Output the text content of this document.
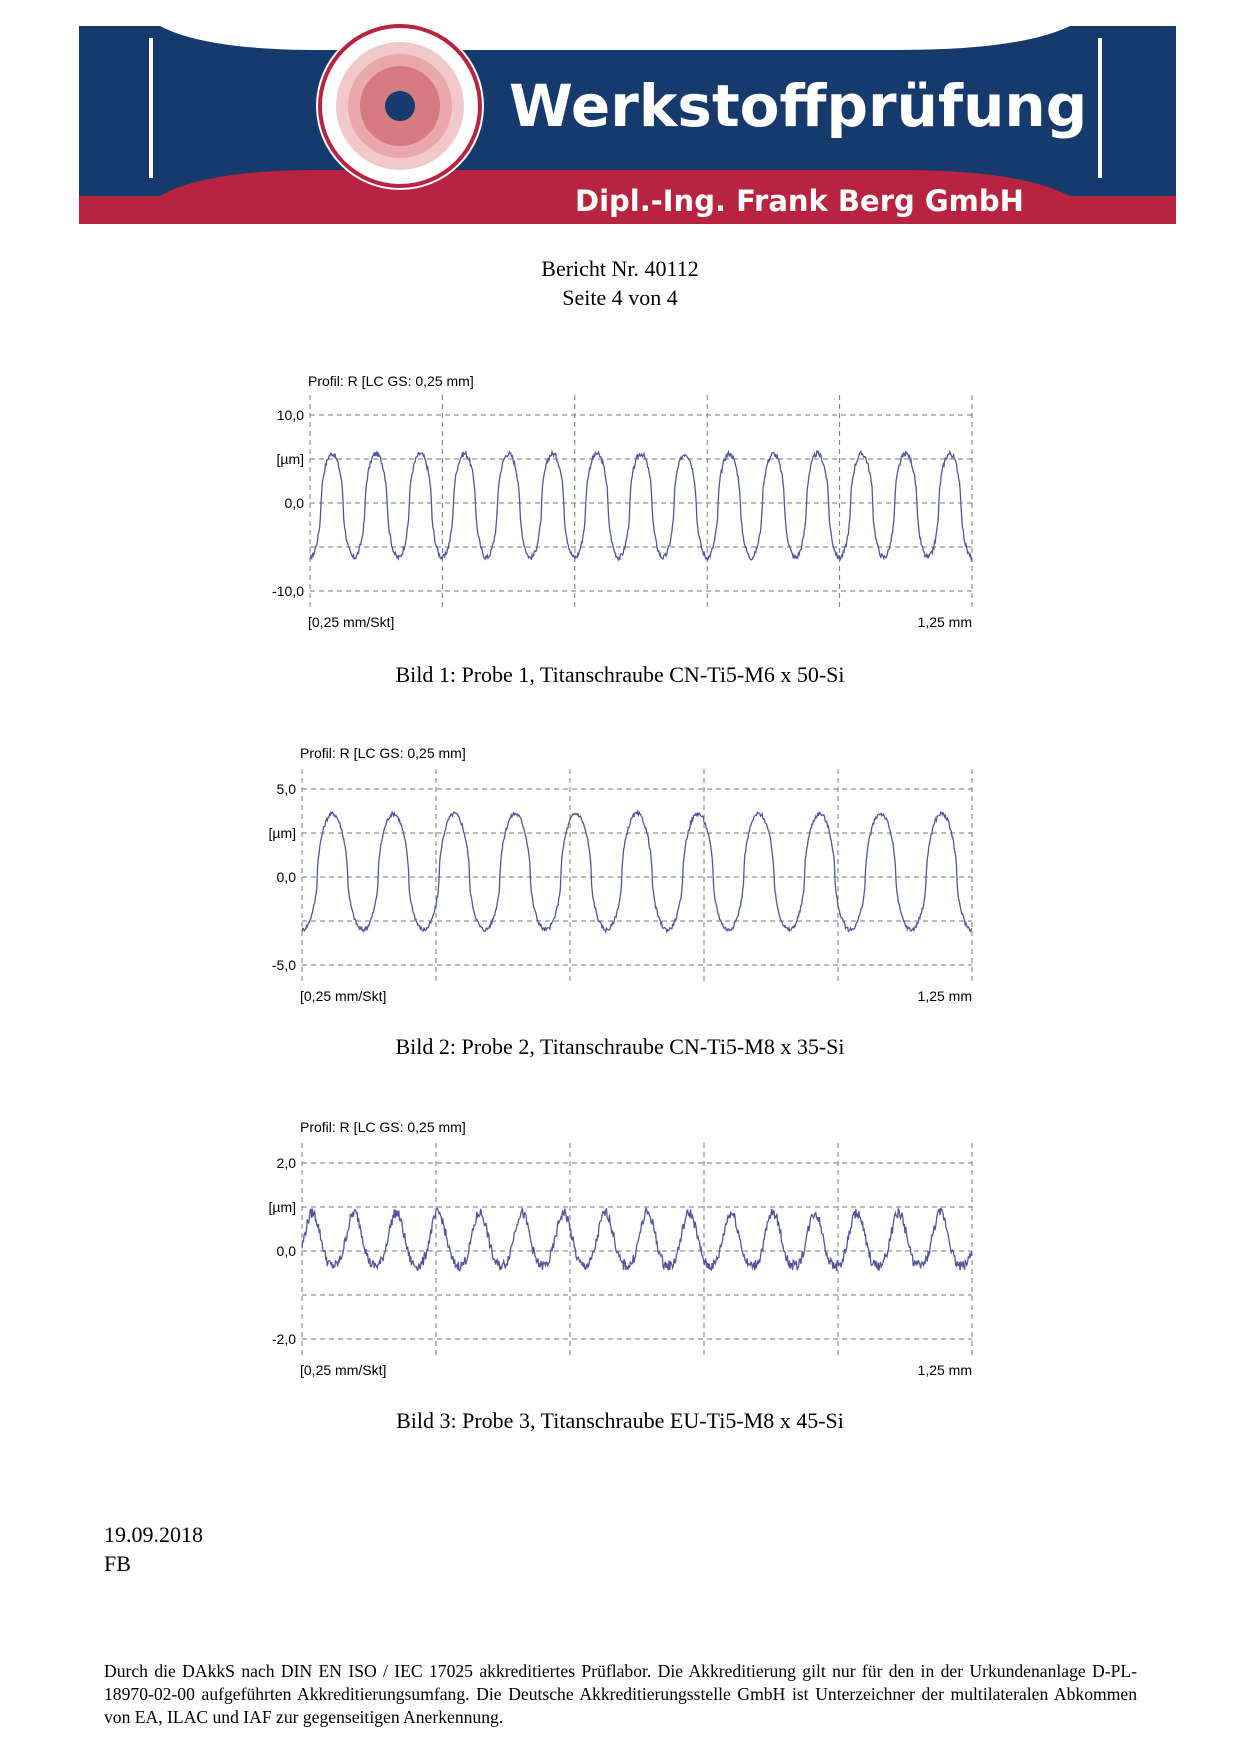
Werkstoffprüfung
Dipl.-Ing. Frank Berg GmbH
Bericht Nr. 40112
Seite 4 von 4
Profil: R [LC GS: 0,25 mm]
10,0
[µm]
0,0
-10,0
[0,25 mm/Skt]	1,25 mm
Bild 1: Probe 1, Titanschraube CN-Ti5-M6 x 50-Si
Profil: R [LC GS: 0,25 mm]
5,0
[µm]
0,0
-5,0
[0,25 mm/Skt]	1,25 mm
Bild 2: Probe 2, Titanschraube CN-Ti5-M8 x 35-Si
Profil: R [LC GS: 0,25 mm]
2,0
[µm]
0,0
-2,0
[0,25 mm/Skt]	1,25 mm
Bild 3: Probe 3, Titanschraube EU-Ti5-M8 x 45-Si
19.09.2018
FB
Durch die DAkkS nach DIN EN ISO / IEC 17025 akkreditiertes Prüflabor. Die Akkreditierung gilt nur für den in der Urkundenanlage D-PL-18970-02-00 aufgeführten Akkreditierungsumfang. Die Deutsche Akkreditierungsstelle GmbH ist Unterzeichner der multilateralen Abkommen von EA, ILAC und IAF zur gegenseitigen Anerkennung.
